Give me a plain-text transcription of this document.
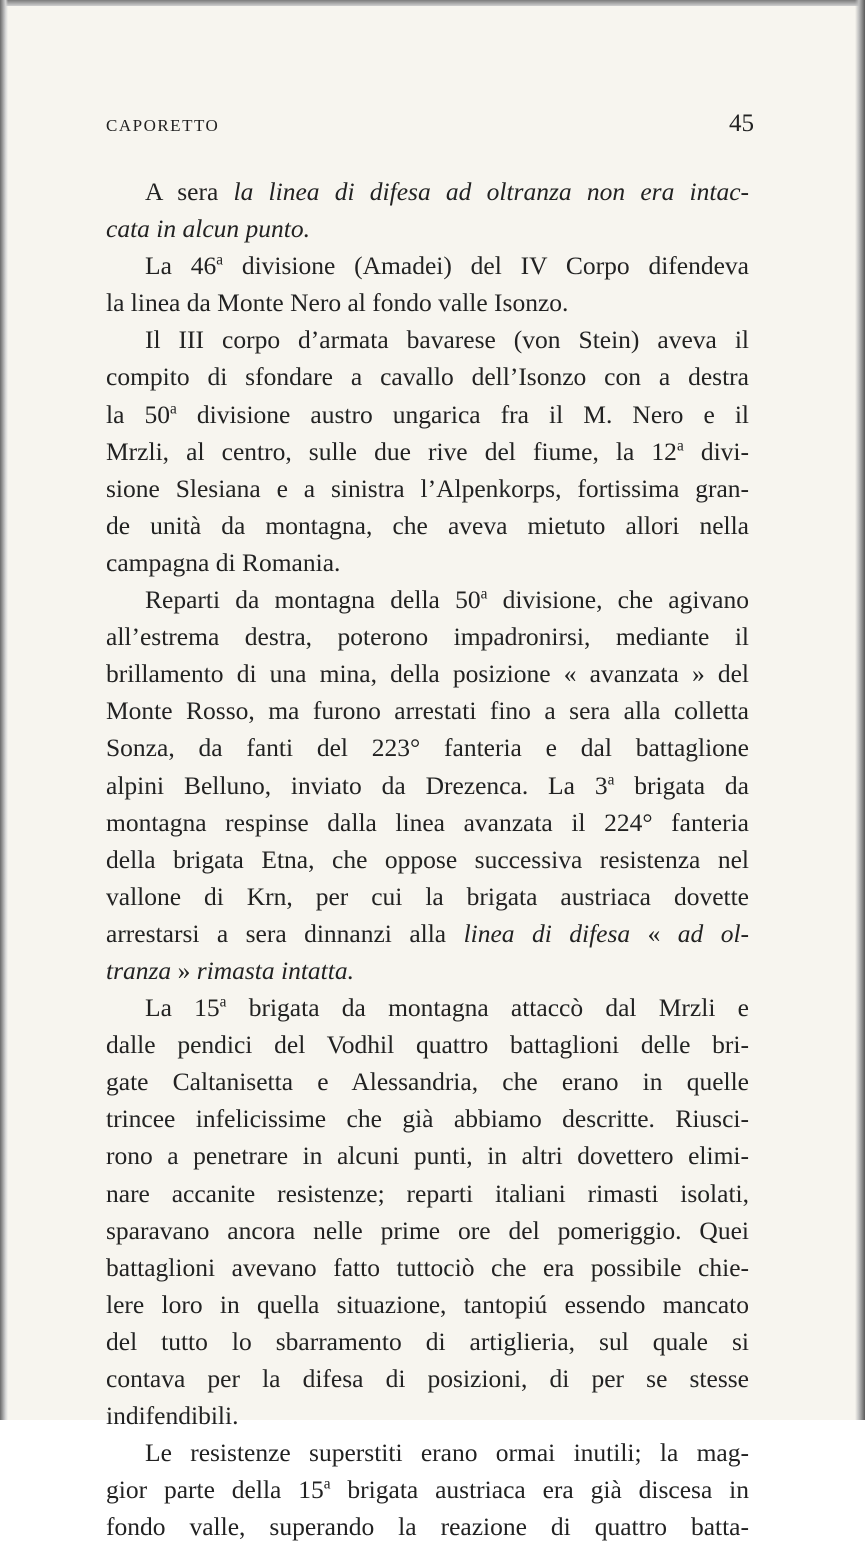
CAPORETTO	45
A sera la linea di difesa ad oltranza non era intac-
cata in alcun punto.
La 46$^a$ divisione (Amadei) del IV Corpo difendeva
la linea da Monte Nero al fondo valle Isonzo.
Il III corpo d’armata bavarese (von Stein) aveva il
compito di sfondare a cavallo dell’Isonzo con a destra
la 50$^a$ divisione austro ungarica fra il M. Nero e il
Mrzli, al centro, sulle due rive del fiume, la 12$^a$ divi-
sione Slesiana e a sinistra l’Alpenkorps, fortissima gran-
de unità da montagna, che aveva mietuto allori nella
campagna di Romania.
Reparti da montagna della 50$^a$ divisione, che agivano
all’estrema destra, poterono impadronirsi, mediante il
brillamento di una mina, della posizione « avanzata » del
Monte Rosso, ma furono arrestati fino a sera alla colletta
Sonza, da fanti del 223° fanteria e dal battaglione
alpini Belluno, inviato da Drezenca. La 3$^a$ brigata da
montagna respinse dalla linea avanzata il 224° fanteria
della brigata Etna, che oppose successiva resistenza nel
vallone di Krn, per cui la brigata austriaca dovette
arrestarsi a sera dinnanzi alla linea di difesa « ad ol-
tranza » rimasta intatta.
La 15$^a$ brigata da montagna attaccò dal Mrzli e
dalle pendici del Vodhil quattro battaglioni delle bri-
gate Caltanisetta e Alessandria, che erano in quelle
trincee infelicissime che già abbiamo descritte. Riusci-
rono a penetrare in alcuni punti, in altri dovettero elimi-
nare accanite resistenze; reparti italiani rimasti isolati,
sparavano ancora nelle prime ore del pomeriggio. Quei
battaglioni avevano fatto tuttociò che era possibile chie-
lere loro in quella situazione, tantopiú essendo mancato
del tutto lo sbarramento di artiglieria, sul quale si
contava per la difesa di posizioni, di per se stesse
indifendibili.
Le resistenze superstiti erano ormai inutili; la mag-
gior parte della 15$^a$ brigata austriaca era già discesa in
fondo valle, superando la reazione di quattro batta-
